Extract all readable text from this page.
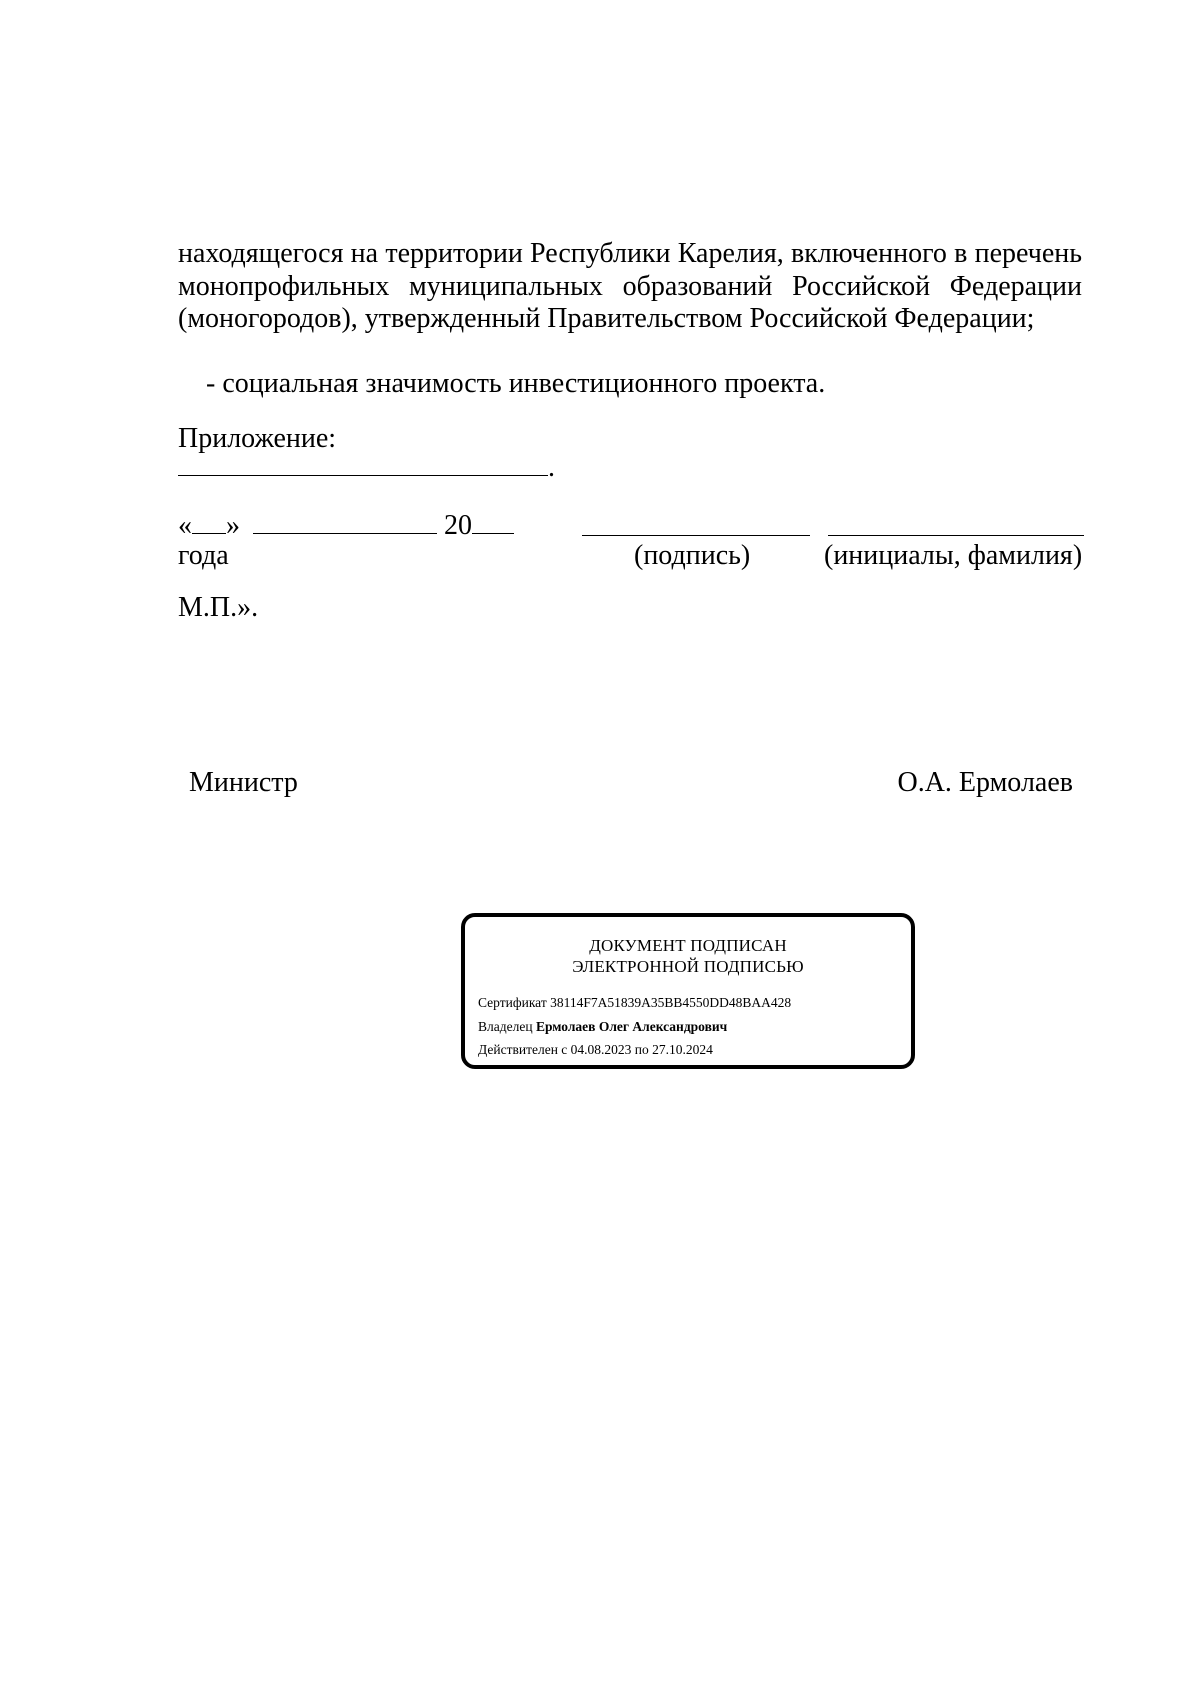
находящегося на территории Республики Карелия, включенного в перечень монопрофильных муниципальных образований Российской Федерации (моногородов), утвержденный Правительством Российской Федерации;
- социальная значимость инвестиционного проекта.
Приложение:
.
« »	20
года	(подпись)	(инициалы, фамилия)
М.П.».
Министр	О.А. Ермолаев
ДОКУМЕНТ ПОДПИСАН
ЭЛЕКТРОННОЙ ПОДПИСЬЮ
Сертификат 38114F7A51839A35BB4550DD48BAA428
Владелец Ермолаев Олег Александрович
Действителен с 04.08.2023 по 27.10.2024
